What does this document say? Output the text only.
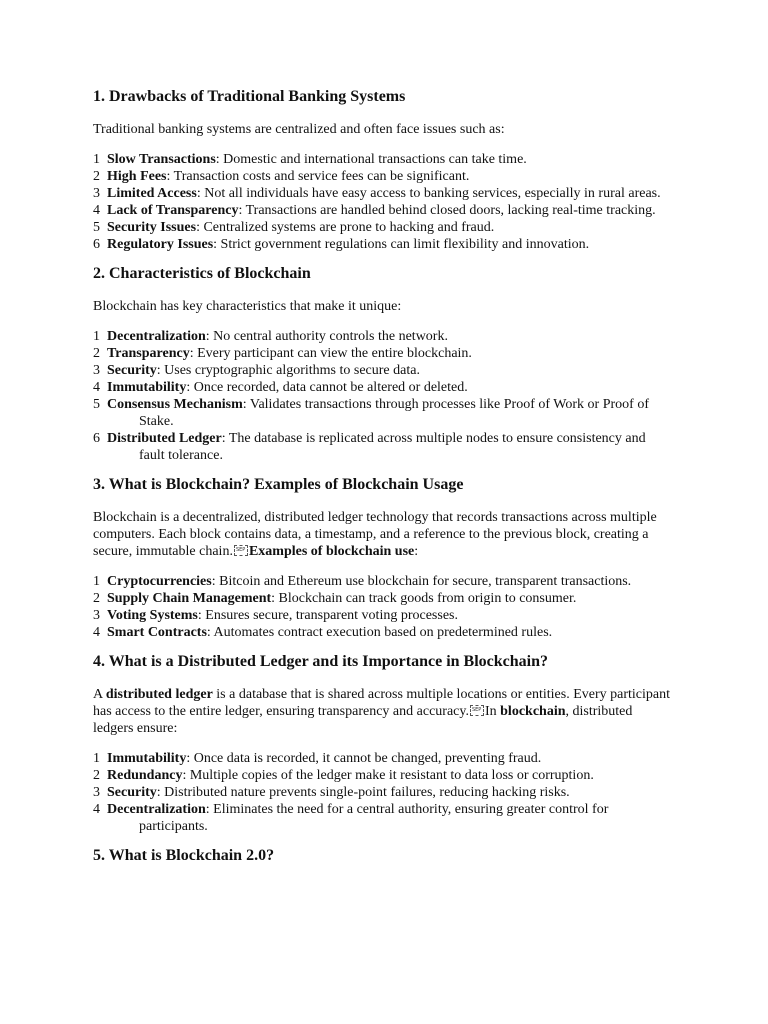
1. Drawbacks of Traditional Banking Systems

Traditional banking systems are centralized and often face issues such as:

1 Slow Transactions: Domestic and international transactions can take time.
2 High Fees: Transaction costs and service fees can be significant.
3 Limited Access: Not all individuals have easy access to banking services, especially in rural areas.
4 Lack of Transparency: Transactions are handled behind closed doors, lacking real-time tracking.
5 Security Issues: Centralized systems are prone to hacking and fraud.
6 Regulatory Issues: Strict government regulations can limit flexibility and innovation.
2. Characteristics of Blockchain

Blockchain has key characteristics that make it unique:

1 Decentralization: No central authority controls the network.
2 Transparency: Every participant can view the entire blockchain.
3 Security: Uses cryptographic algorithms to secure data.
4 Immutability: Once recorded, data cannot be altered or deleted.
5 Consensus Mechanism: Validates transactions through processes like Proof of Work or Proof of Stake.
6 Distributed Ledger: The database is replicated across multiple nodes to ensure consistency and fault tolerance.
3. What is Blockchain? Examples of Blockchain Usage

Blockchain is a decentralized, distributed ledger technology that records transactions across multiple computers. Each block contains data, a timestamp, and a reference to the previous block, creating a secure, immutable chain. SEP Examples of blockchain use:

1 Cryptocurrencies: Bitcoin and Ethereum use blockchain for secure, transparent transactions.
2 Supply Chain Management: Blockchain can track goods from origin to consumer.
3 Voting Systems: Ensures secure, transparent voting processes.
4 Smart Contracts: Automates contract execution based on predetermined rules.
4. What is a Distributed Ledger and its Importance in Blockchain?

A distributed ledger is a database that is shared across multiple locations or entities. Every participant has access to the entire ledger, ensuring transparency and accuracy. SEP In blockchain, distributed ledgers ensure:

1 Immutability: Once data is recorded, it cannot be changed, preventing fraud.
2 Redundancy: Multiple copies of the ledger make it resistant to data loss or corruption.
3 Security: Distributed nature prevents single-point failures, reducing hacking risks.
4 Decentralization: Eliminates the need for a central authority, ensuring greater control for participants.
5. What is Blockchain 2.0?
